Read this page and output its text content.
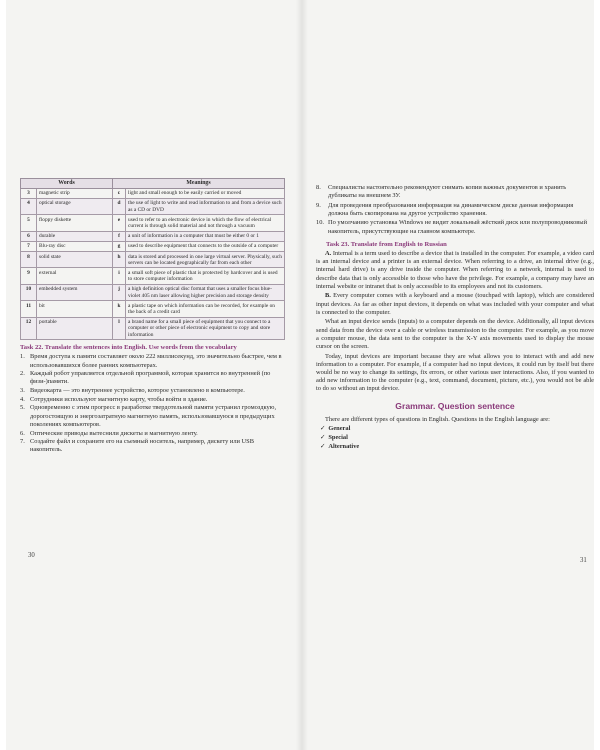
Words		Meanings	
3	magnetic strip	c	light and small enough to be easily carried or moved
4	optical storage	d	the use of light to write and read information to and from a device such as a CD or DVD
5	floppy diskette	e	used to refer to an electronic device in which the flow of electrical current is through solid material and not through a vacuum
6	durable	f	a unit of information in a computer that must be either 0 or 1
7	Blu-ray disc	g	used to describe equipment that connects to the outside of a computer
8	solid state	h	data is stored and processed in one large virtual server. Physically, such servers can be located geographically far from each other
9	external	i	a small soft piece of plastic that is protected by hardcover and is used to store computer information
10	embedded system	j	a high definition optical disc format that uses a smaller focus blue-violet 405 nm laser allowing higher precision and storage density
11	bit	k	a plastic tape on which information can be recorded, for example on the back of a credit card
12	portable	l	a brand name for a small piece of equipment that you connect to a computer or other piece of electronic equipment to copy and store information
Task 22. Translate the sentences into English. Use words from the vocabulary
1. Время доступа к памяти составляет около 222 миллисекунд, это значительно быстрее, чем в использовавшихся более ранних компьютерах.
2. Каждый робот управляется отдельной программой, которая хранится во внутренней (по физи-)памяти.
3. Видеокарта — это внутреннее устройство, которое установлено в компьютере.
4. Сотрудники используют магнитную карту, чтобы войти в здание.
5. Одновременно с этим прогресс в разработке твердотельной памяти устранил громоздкую, дорогостоящую и энергозатратную магнитную память, использовавшуюся в предыдущих поколениях компьютеров.
6. Оптические приводы вытеснили дискеты и магнитную ленту.
7. Создайте файл и сохраните его на съемный носитель, например, дискету или USB накопитель.
30
8.	Специалисты настоятельно рекомендуют снимать копии важных документов и хранить дубликаты на внешнем ЗУ.
9.	Для проведения преобразования информация на динамическом диске данная информация должна быть скопирована на другое устройство хранения.
10. По умолчанию установка Windows не видит локальный жёсткий диск или полупроводниковый накопитель, присутствующие на главном компьютере.
Task 23. Translate from English to Russian

A. Internal is a term used to describe a device that is installed in the computer. For example, a video card is an internal device and a printer is an external device. When referring to a drive, an internal drive (e.g., internal hard drive) is any drive inside the computer. When referring to a network, internal is used to describe data that is only accessible to those who have the privilege. For example, a company may have an internal website or intranet that is only accessible to its employees and not its customers.

B. Every computer comes with a keyboard and a mouse (touchpad with laptop), which are considered input devices. As far as other input devices, it depends on what was included with your computer and what is connected to the computer.

What an input device sends (inputs) to a computer depends on the device. Additionally, all input devices send data from the device over a cable or wireless transmission to the computer. For example, as you move a computer mouse, the data sent to the computer is the X-Y axis movements used to display the mouse cursor on the screen.

Today, input devices are important because they are what allows you to interact with and add new information to a computer. For example, if a computer had no input devices, it could run by itself but there would be no way to change its settings, fix errors, or other various user interactions. Also, if you wanted to add new information to the computer (e.g., text, command, document, picture, etc.), you would not be able to do so without an input device.

Grammar. Question sentence

There are different types of questions in English. Questions in the English language are:

✓ General
✓ Special
✓ Alternative
31
